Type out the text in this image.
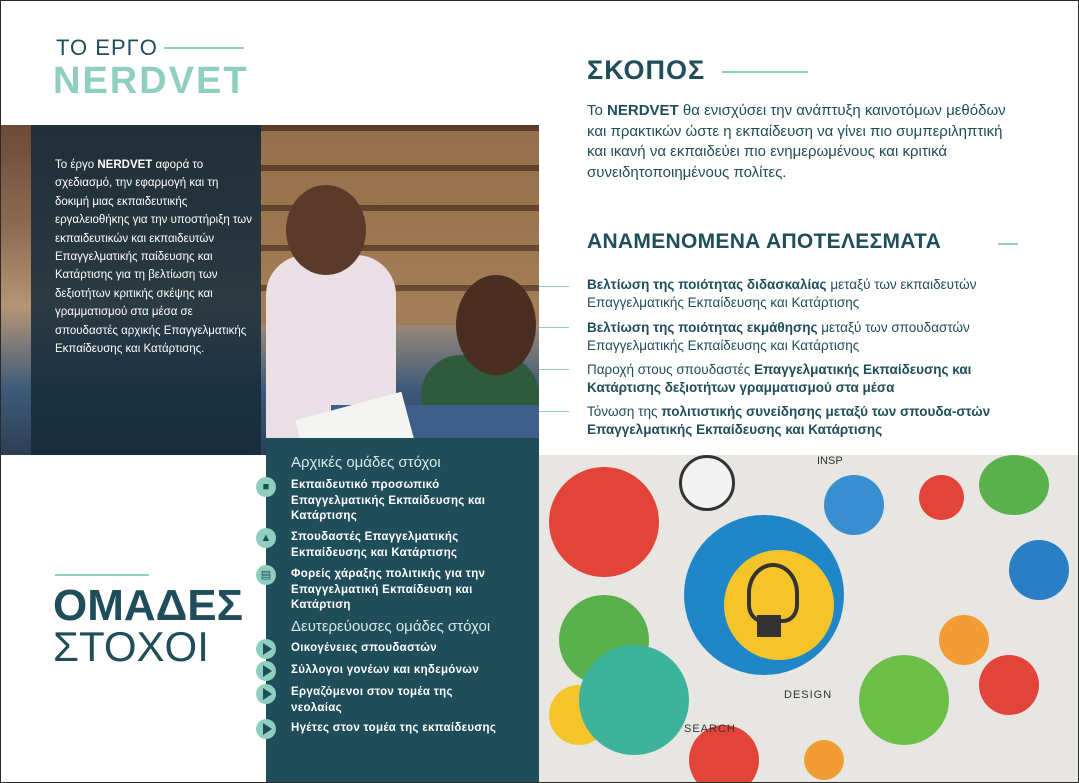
ΤΟ ΕΡΓΟ
NERDVET
Το έργο NERDVET αφορά το σχεδιασμό, την εφαρμογή και τη δοκιμή μιας εκπαιδευτικής εργαλειοθήκης για την υποστήριξη των εκπαιδευτικών και εκπαιδευτών Επαγγελματικής παίδευσης και Κατάρτισης για τη βελτίωση των δεξιοτήτων κριτικής σκέψης και γραμματισμού στα μέσα σε σπουδαστές αρχικής Επαγγελματικής Εκπαίδευσης και Κατάρτισης.
ΣΚΟΠΟΣ
Το NERDVET θα ενισχύσει την ανάπτυξη καινοτόμων μεθόδων και πρακτικών ώστε η εκπαίδευση να γίνει πιο συμπεριληπτική και ικανή να εκπαιδεύει πιο ενημερωμένους και κριτικά συνειδητοποιημένους πολίτες.
ΑΝΑΜΕΝΟΜΕΝΑ ΑΠΟΤΕΛΕΣΜΑΤΑ
Βελτίωση της ποιότητας διδασκαλίας μεταξύ των εκπαιδευτών Επαγγελματικής Εκπαίδευσης και Κατάρτισης
Βελτίωση της ποιότητας εκμάθησης μεταξύ των σπουδαστών Επαγγελματικής Εκπαίδευσης και Κατάρτισης
Παροχή στους σπουδαστές Επαγγελματικής Εκπαίδευσης και Κατάρτισης δεξιοτήτων γραμματισμού στα μέσα
Τόνωση της πολιτιστικής συνείδησης μεταξύ των σπουδα-στών Επαγγελματικής Εκπαίδευσης και Κατάρτισης
Αρχικές ομάδες στόχοι
■	Εκπαιδευτικό προσωπικό Επαγγελματικής Εκπαίδευσης και Κατάρτισης
▲	Σπουδαστές Επαγγελματικής Εκπαίδευσης και Κατάρτισης
▤	Φορείς χάραξης πολιτικής για την Επαγγελματική Εκπαίδευση και Κατάρτιση
Δευτερεύουσες ομάδες στόχοι
Οικογένειες σπουδαστών
Σύλλογοι γονέων και κηδεμόνων
Εργαζόμενοι στον τομέα της νεολαίας
Ηγέτες στον τομέα της εκπαίδευσης
ΟΜΑΔΕΣ
ΣΤΟΧΟΙ
INSP
DESIGN
SEARCH
